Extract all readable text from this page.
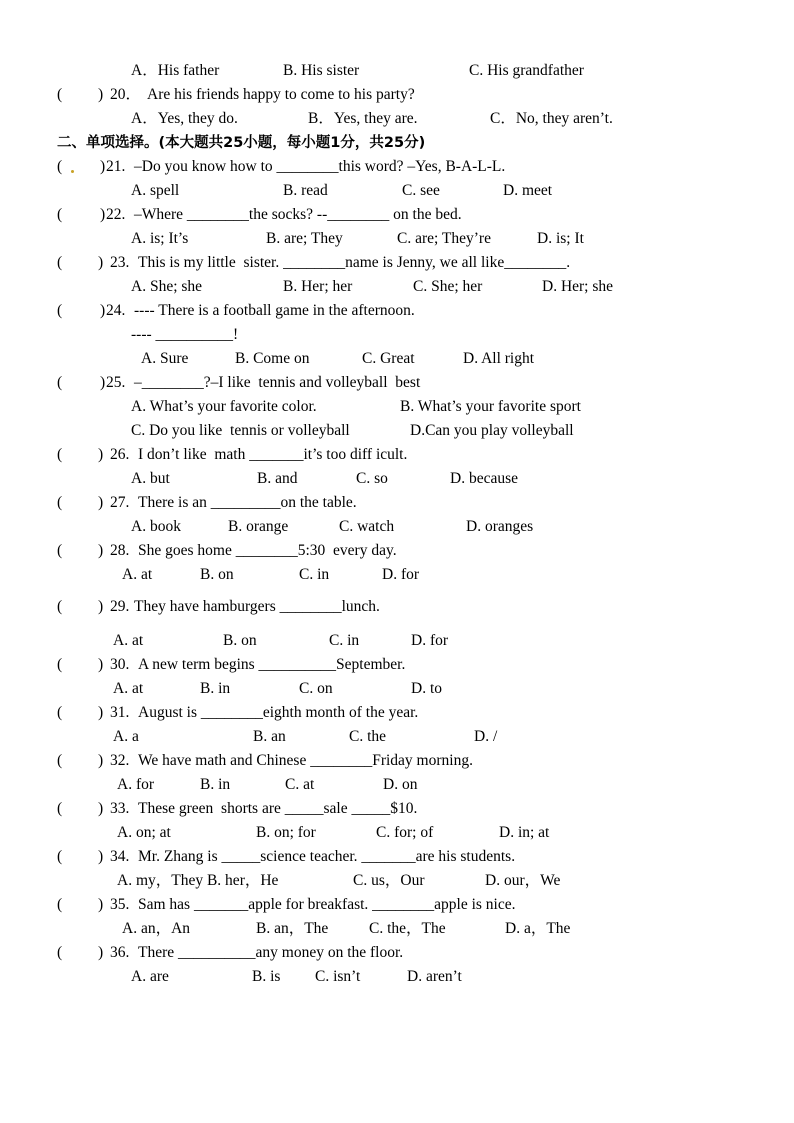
A．His father	B. His sister	C. His grandfather
( ) 20． Are his friends happy to come to his party?
A．Yes, they do.	B．Yes, they are.	C．No, they aren’t.
二、单项选择。(本大题共25小题，每小题1分，共25分)
( ) 21. –Do you know how to ________this word? –Yes, B-A-L-L.
A. spell	B. read	C. see	D. meet
( ) 22. –Where ________the socks? --________ on the bed.
A. is; It’s	B. are; They	C. are; They’re	D. is; It
( ) 23. This is my little  sister. ________name is Jenny, we all like________.
A. She; she	B. Her; her	C. She; her	D. Her; she
( ) 24. ---- There is a football game in the afternoon.
---- __________!
A. Sure	B. Come on	C. Great	D. All right
( ) 25. –________?–I like  tennis and volleyball  best
A. What’s your favorite color.	B. What’s your favorite sport
C. Do you like  tennis or volleyball	D.Can you play volleyball
( ) 26. I don’t like  math _______it’s too diff icult.
A. but	B. and	C. so	D. because
( ) 27. There is an _________on the table.
A. book	B. orange	C. watch	D. oranges
( ) 28. She goes home ________5:30  every day.
A. at	B. on	C. in	D. for
( ) 29. They have hamburgers ________lunch.
A. at	B. on	C. in	D. for
( ) 30. A new term begins __________September.
A. at	B. in	C. on	D. to
( ) 31. August is ________eighth month of the year.
A. a	B. an	C. the	D. /
( ) 32. We have math and Chinese ________Friday morning.
A. for	B. in	C. at	D. on
( ) 33. These green  shorts are _____sale _____$10.
A. on; at	B. on; for	C. for; of	D. in; at
( ) 34. Mr. Zhang is _____science teacher. _______are his students.
A. my，They B. her，He	C. us，Our	D. our，We
( ) 35. Sam has _______apple for breakfast. ________apple is nice.
A. an，An	B. an，The	C. the，The	D. a，The
( ) 36. There __________any money on the floor.
A. are	B. is C. isn’t	D. aren’t
